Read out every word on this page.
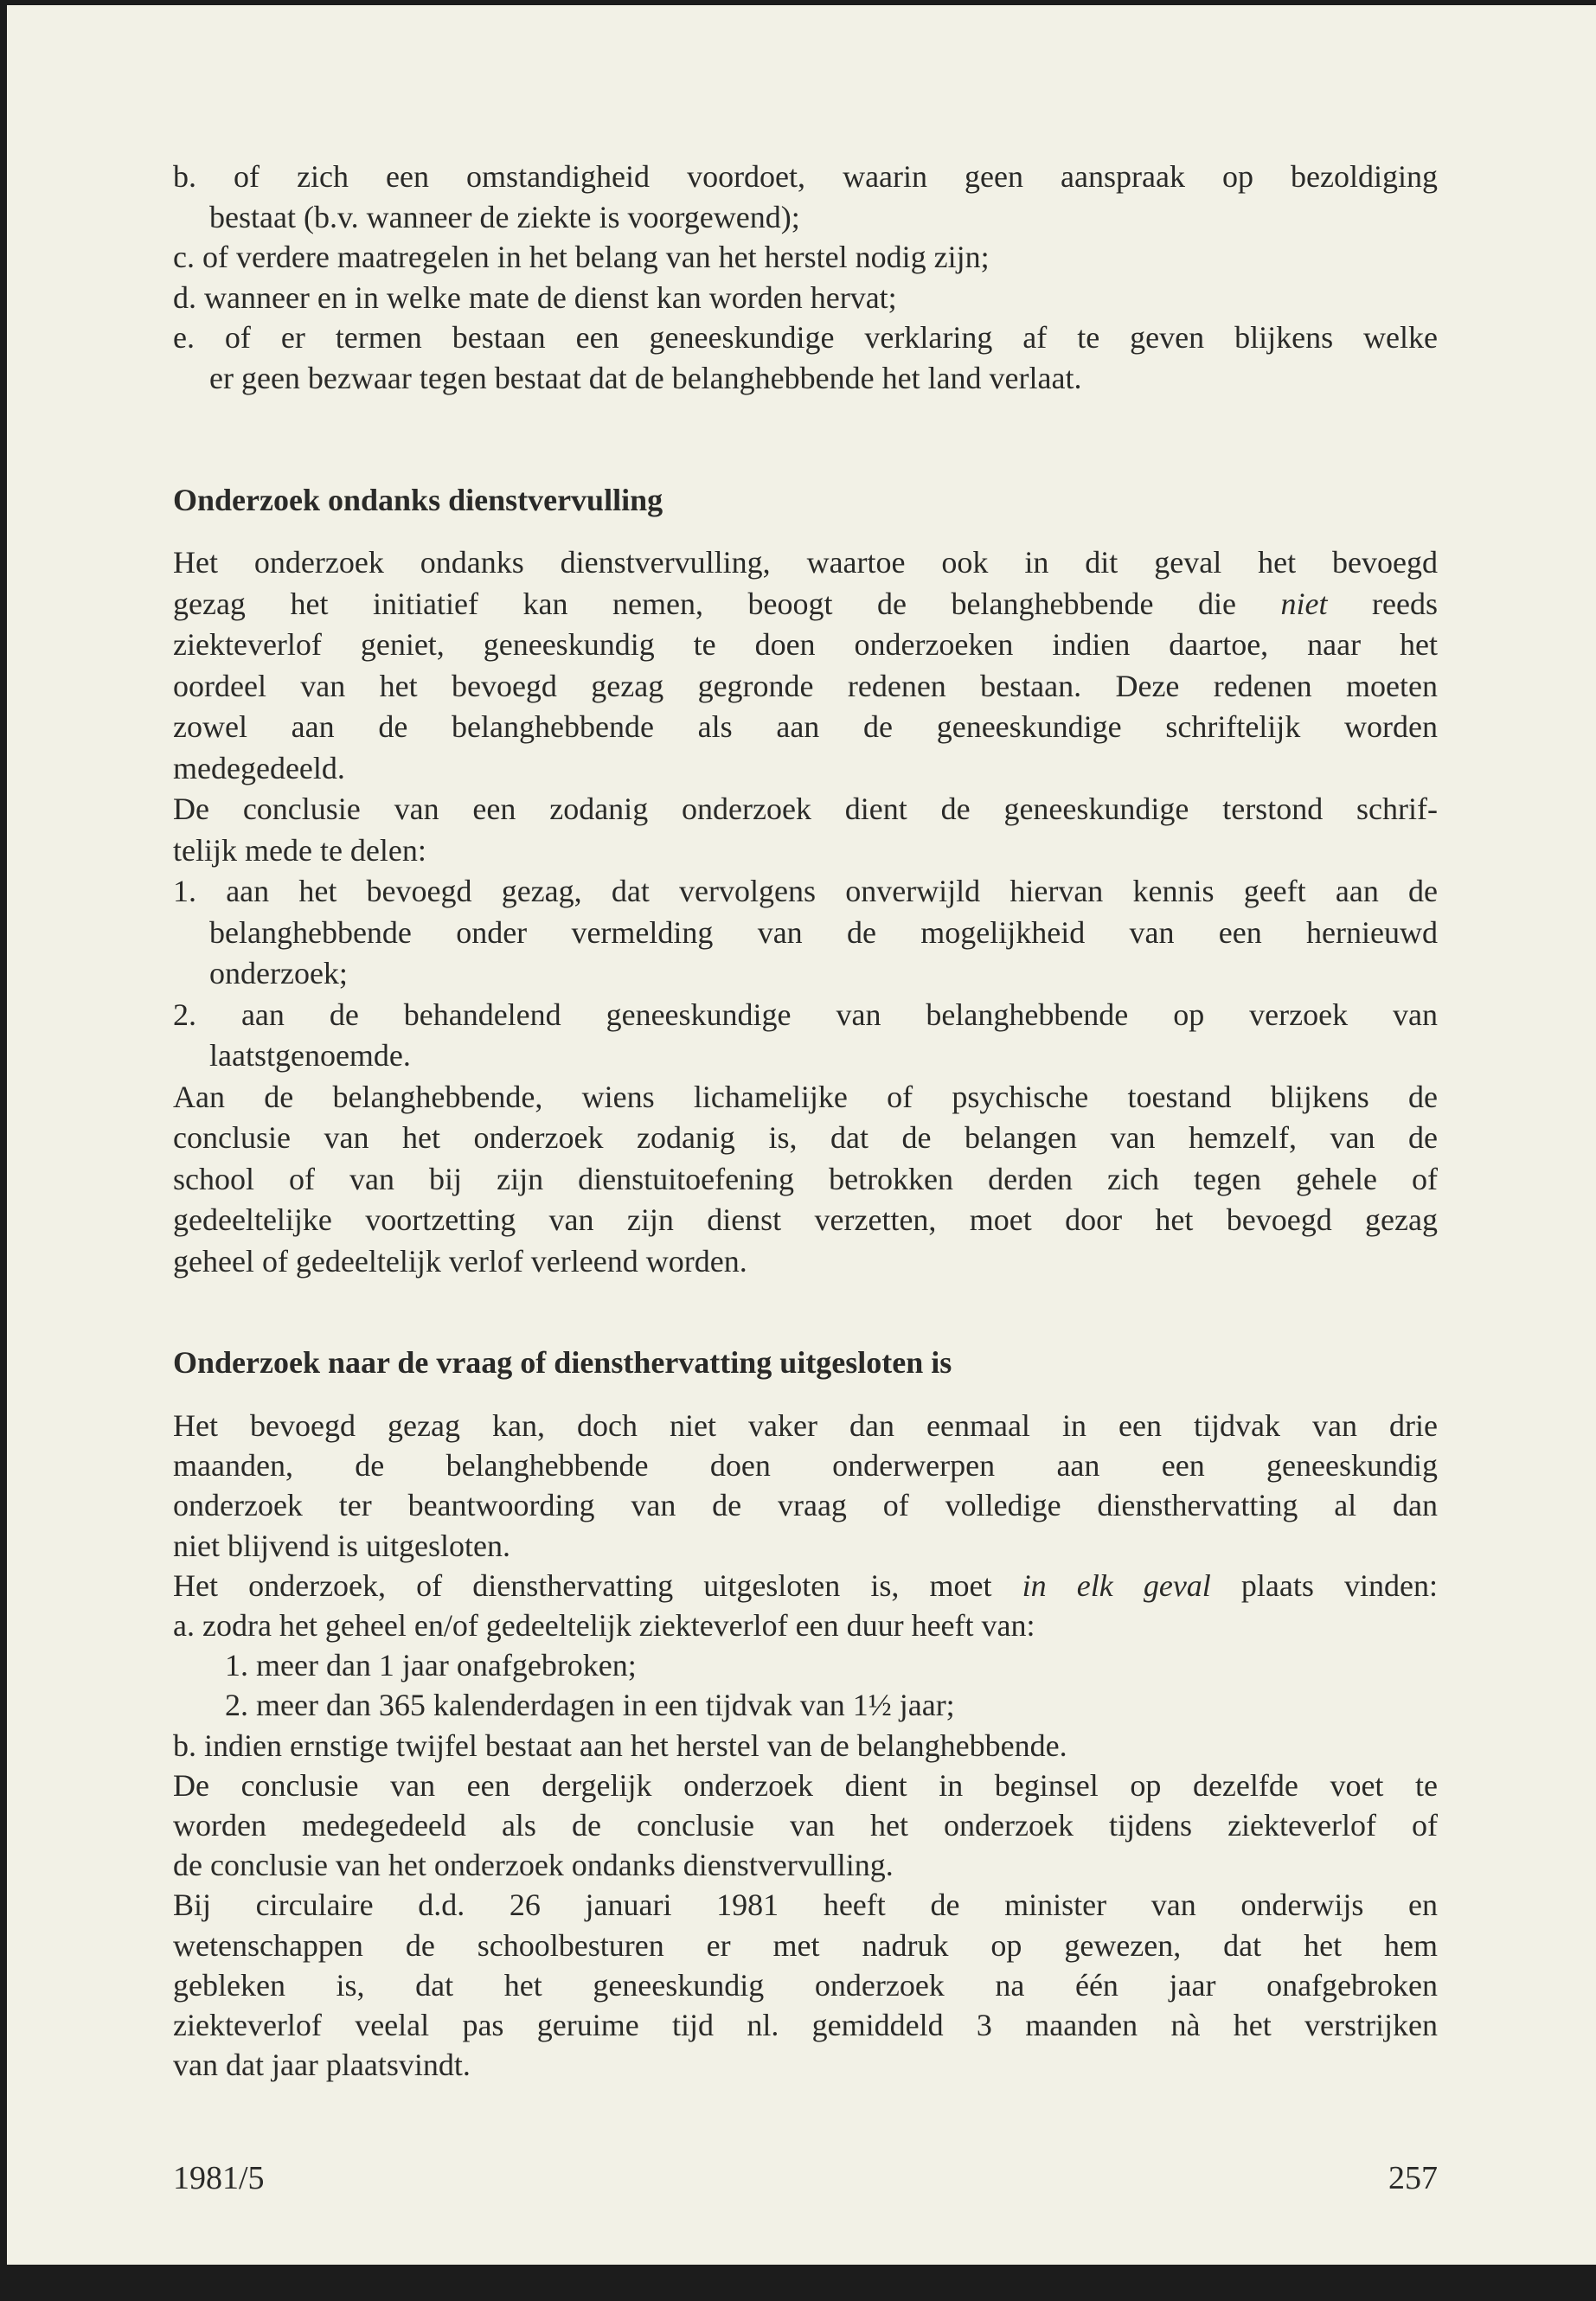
b. of zich een omstandigheid voordoet, waarin geen aanspraak op bezoldiging
bestaat (b.v. wanneer de ziekte is voorgewend);
c. of verdere maatregelen in het belang van het herstel nodig zijn;
d. wanneer en in welke mate de dienst kan worden hervat;
e. of er termen bestaan een geneeskundige verklaring af te geven blijkens welke
er geen bezwaar tegen bestaat dat de belanghebbende het land verlaat.
Onderzoek ondanks dienstvervulling
Het onderzoek ondanks dienstvervulling, waartoe ook in dit geval het bevoegd
gezag het initiatief kan nemen, beoogt de belanghebbende die niet reeds
ziekteverlof geniet, geneeskundig te doen onderzoeken indien daartoe, naar het
oordeel van het bevoegd gezag gegronde redenen bestaan. Deze redenen moeten
zowel aan de belanghebbende als aan de geneeskundige schriftelijk worden
medegedeeld.
De conclusie van een zodanig onderzoek dient de geneeskundige terstond schrif-
telijk mede te delen:
1. aan het bevoegd gezag, dat vervolgens onverwijld hiervan kennis geeft aan de
belanghebbende onder vermelding van de mogelijkheid van een hernieuwd
onderzoek;
2. aan de behandelend geneeskundige van belanghebbende op verzoek van
laatstgenoemde.
Aan de belanghebbende, wiens lichamelijke of psychische toestand blijkens de
conclusie van het onderzoek zodanig is, dat de belangen van hemzelf, van de
school of van bij zijn dienstuitoefening betrokken derden zich tegen gehele of
gedeeltelijke voortzetting van zijn dienst verzetten, moet door het bevoegd gezag
geheel of gedeeltelijk verlof verleend worden.
Onderzoek naar de vraag of diensthervatting uitgesloten is
Het bevoegd gezag kan, doch niet vaker dan eenmaal in een tijdvak van drie
maanden, de belanghebbende doen onderwerpen aan een geneeskundig
onderzoek ter beantwoording van de vraag of volledige diensthervatting al dan
niet blijvend is uitgesloten.
Het onderzoek, of diensthervatting uitgesloten is, moet in elk geval plaats vinden:
a. zodra het geheel en/of gedeeltelijk ziekteverlof een duur heeft van:
1. meer dan 1 jaar onafgebroken;
2. meer dan 365 kalenderdagen in een tijdvak van 1½ jaar;
b. indien ernstige twijfel bestaat aan het herstel van de belanghebbende.
De conclusie van een dergelijk onderzoek dient in beginsel op dezelfde voet te
worden medegedeeld als de conclusie van het onderzoek tijdens ziekteverlof of
de conclusie van het onderzoek ondanks dienstvervulling.
Bij circulaire d.d. 26 januari 1981 heeft de minister van onderwijs en
wetenschappen de schoolbesturen er met nadruk op gewezen, dat het hem
gebleken is, dat het geneeskundig onderzoek na één jaar onafgebroken
ziekteverlof veelal pas geruime tijd nl. gemiddeld 3 maanden nà het verstrijken
van dat jaar plaatsvindt.
1981/5	257
